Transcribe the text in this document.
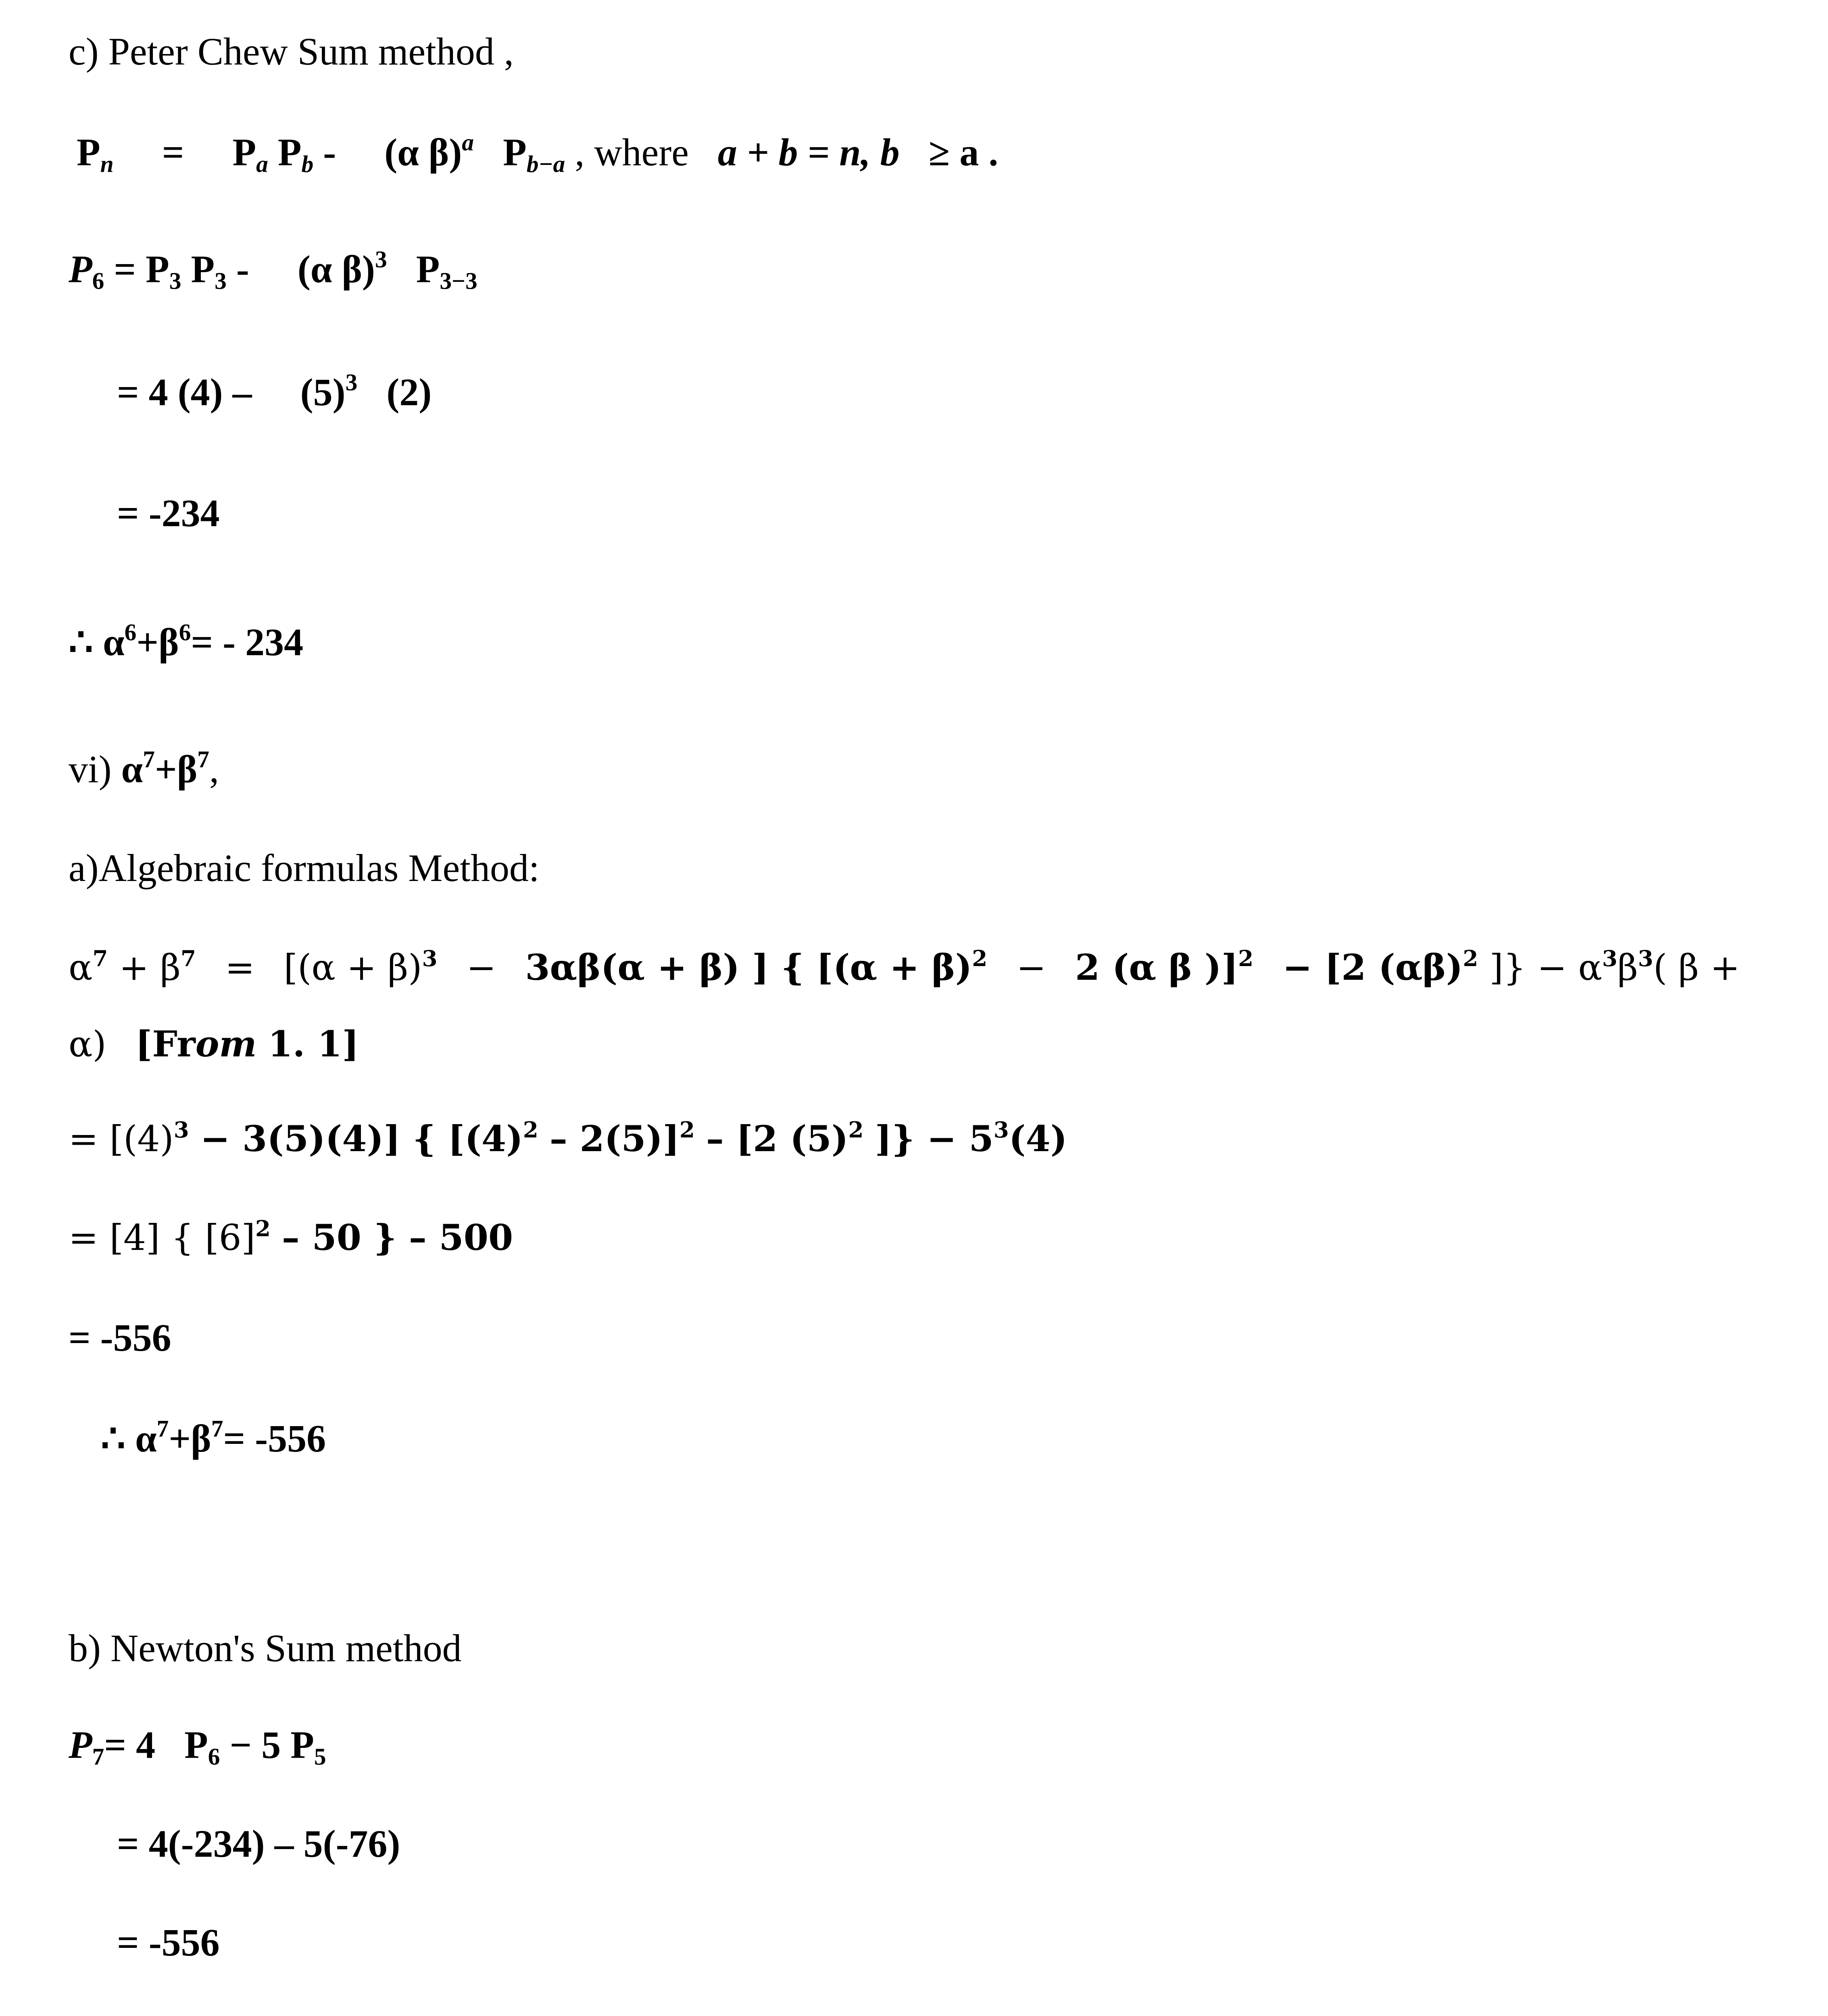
c) Peter Chew Sum method ,
$P_n = P_a$ $P_b - (\alpha$ β)$^a$ $P_{b-a}$ , where a + b = n, b ≥ a .
$P_6 = P_3$ $P_3 - (\alpha$ β)$^3$ $P_{3-3}$
= 4 $(4) - (5)^3$ (2)
= -234
∴ $\alpha^6+\beta^6= - 234$
vi) $\alpha^7+\beta^7$,
a)Algebraic formulas Method:
$\alpha^7 + \beta^7 = [(\alpha + \beta)^3 - 3\alpha\beta(\alpha + \beta)$ ] { [$(\alpha + \beta)^2 - 2$ (α β )]$^2$ − [2 $(\alpha\beta)^2$ ]} − $\alpha^3\beta^3$( β +
α) [From 1. 1]
= $[(4)^3 - 3(5)(4)]$ { $[(4)^2 - 2(5)]^2 - [2$ $(5)^2$ ]} − $5^3(4)$
= [4] { $[6]^2 - 50$ } – 500
= -556
∴ $\alpha^7+\beta^7= -556$
b) Newton's Sum method
$P_7= 4$ $P_6 - 5$ $P_5$
= 4(-234) – 5(-76)
= -556
